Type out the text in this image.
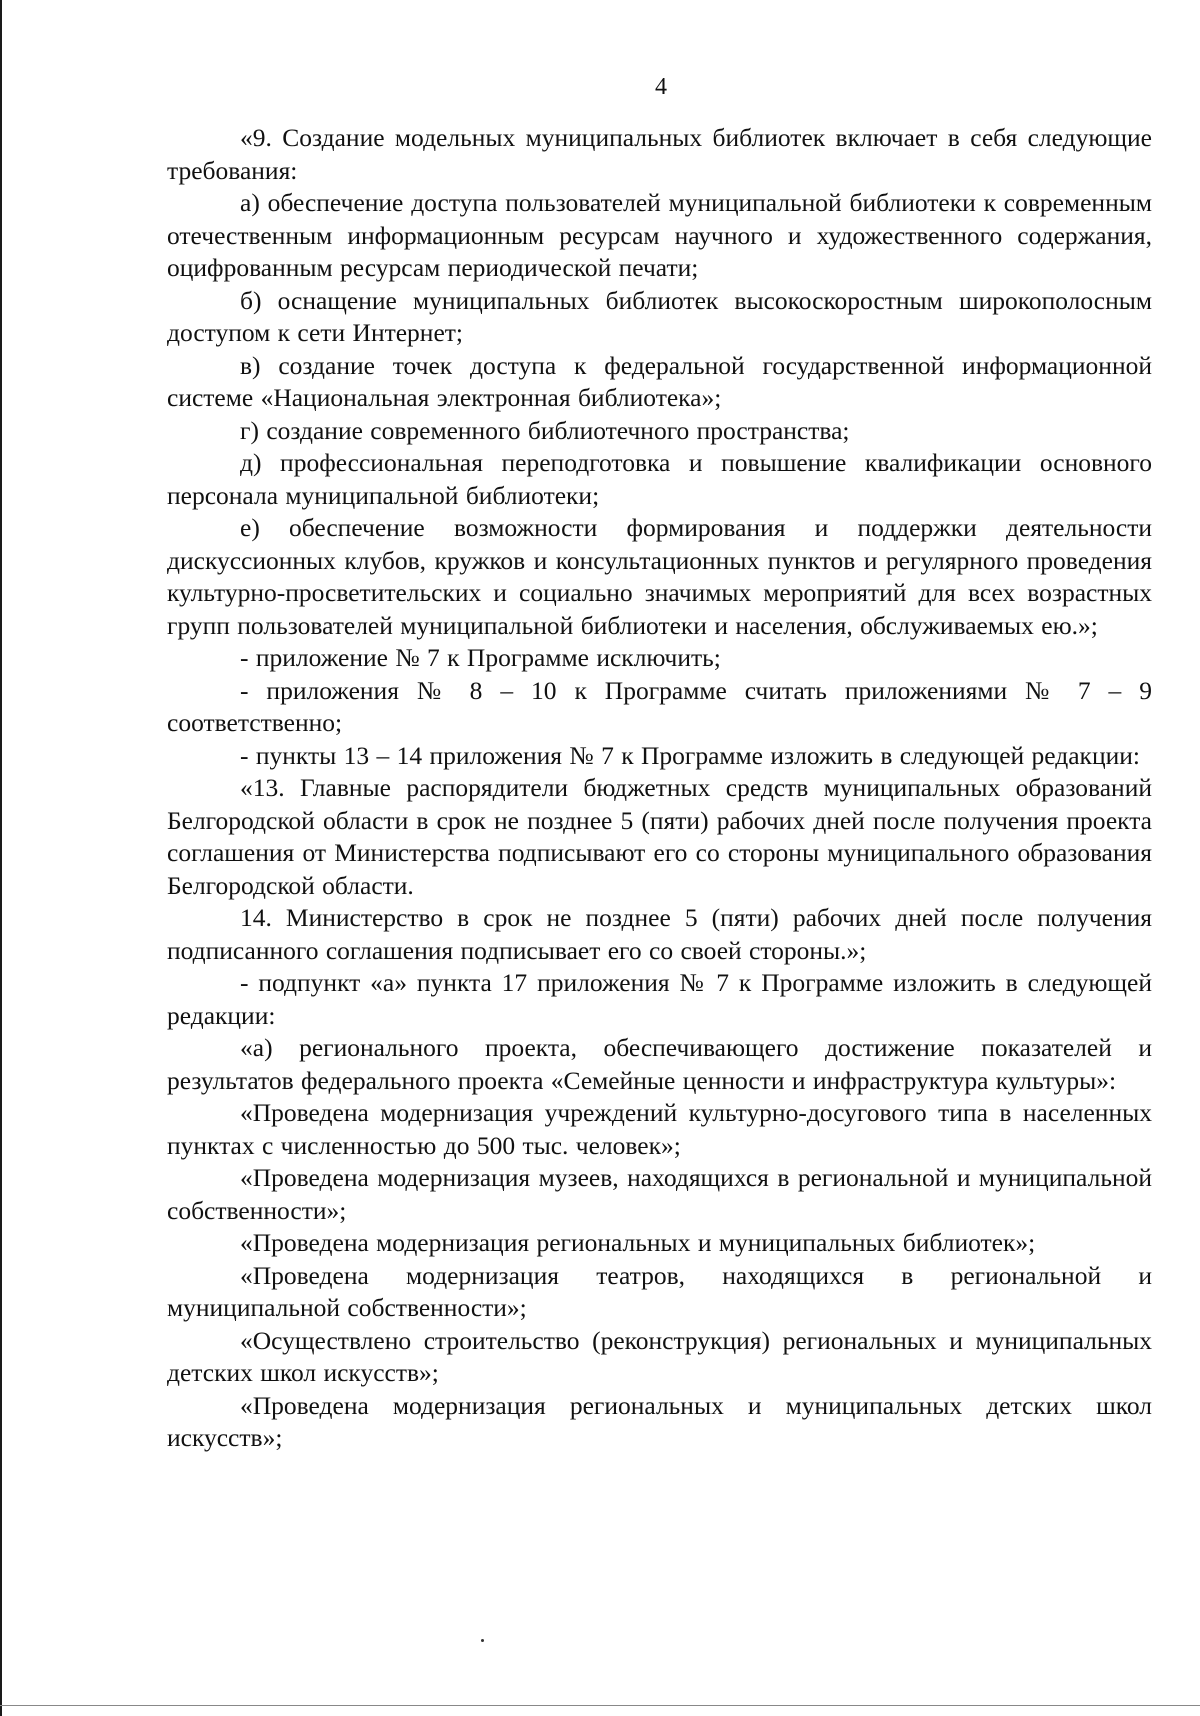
4

«9. Создание модельных муниципальных библиотек включает в себя следующие требования:

а) обеспечение доступа пользователей муниципальной библиотеки к современным отечественным информационным ресурсам научного и художественного содержания, оцифрованным ресурсам периодической печати;

б) оснащение муниципальных библиотек высокоскоростным широкополосным доступом к сети Интернет;

в) создание точек доступа к федеральной государственной информационной системе «Национальная электронная библиотека»;

г) создание современного библиотечного пространства;

д) профессиональная переподготовка и повышение квалификации основного персонала муниципальной библиотеки;

е) обеспечение возможности формирования и поддержки деятельности дискуссионных клубов, кружков и консультационных пунктов и регулярного проведения культурно-просветительских и социально значимых мероприятий для всех возрастных групп пользователей муниципальной библиотеки и населения, обслуживаемых ею.»;

- приложение № 7 к Программе исключить;

- приложения № 8 – 10 к Программе считать приложениями № 7 – 9 соответственно;

- пункты 13 – 14 приложения № 7 к Программе изложить в следующей редакции:

«13. Главные распорядители бюджетных средств муниципальных образований Белгородской области в срок не позднее 5 (пяти) рабочих дней после получения проекта соглашения от Министерства подписывают его со стороны муниципального образования Белгородской области.

14. Министерство в срок не позднее 5 (пяти) рабочих дней после получения подписанного соглашения подписывает его со своей стороны.»;

- подпункт «а» пункта 17 приложения № 7 к Программе изложить в следующей редакции:

«а) регионального проекта, обеспечивающего достижение показателей и результатов федерального проекта «Семейные ценности и инфраструктура культуры»:

«Проведена модернизация учреждений культурно-досугового типа в населенных пунктах с численностью до 500 тыс. человек»;

«Проведена модернизация музеев, находящихся в региональной и муниципальной собственности»;

«Проведена модернизация региональных и муниципальных библиотек»;

«Проведена модернизация театров, находящихся в региональной и муниципальной собственности»;

«Осуществлено строительство (реконструкция) региональных и муниципальных детских школ искусств»;

«Проведена модернизация региональных и муниципальных детских школ искусств»;
